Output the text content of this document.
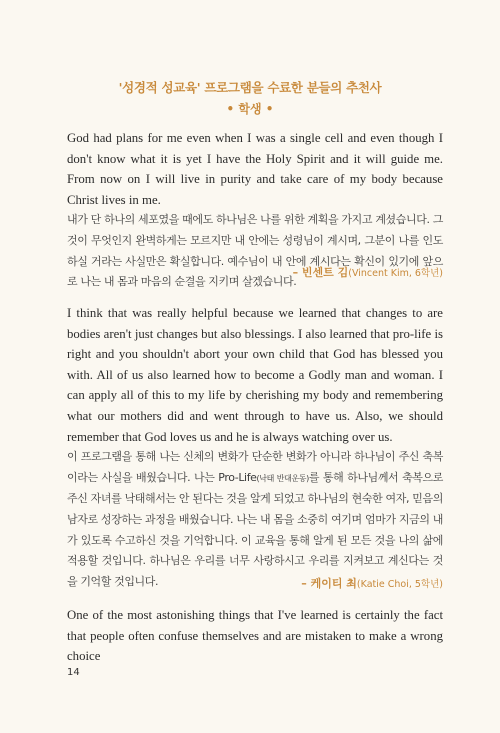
'성경적 성교육' 프로그램을 수료한 분들의 추천사
• 학생 •

God had plans for me even when I was a single cell and even though I don't know what it is yet I have the Holy Spirit and it will guide me. From now on I will live in purity and take care of my body because Christ lives in me.

내가 단 하나의 세포였을 때에도 하나님은 나를 위한 계획을 가지고 계셨습니다. 그것이 무엇인지 완벽하게는 모르지만 내 안에는 성령님이 계시며, 그분이 나를 인도하실 거라는 사실만은 확실합니다. 예수님이 내 안에 계시다는 확신이 있기에 앞으로 나는 내 몸과 마음의 순결을 지키며 살겠습니다.

– 빈센트 김(Vincent Kim, 6학년)

I think that was really helpful because we learned that changes to are bodies aren't just changes but also blessings. I also learned that pro-life is right and you shouldn't abort your own child that God has blessed you with. All of us also learned how to become a Godly man and woman. I can apply all of this to my life by cherishing my body and remembering what our mothers did and went through to have us. Also, we should remember that God loves us and he is always watching over us.

이 프로그램을 통해 나는 신체의 변화가 단순한 변화가 아니라 하나님이 주신 축복이라는 사실을 배웠습니다. 나는 Pro-Life(낙태 반대운동)를 통해 하나님께서 축복으로 주신 자녀를 낙태해서는 안 된다는 것을 알게 되었고 하나님의 현숙한 여자, 믿음의 남자로 성장하는 과정을 배웠습니다. 나는 내 몸을 소중히 여기며 엄마가 지금의 내가 있도록 수고하신 것을 기억합니다. 이 교육을 통해 알게 된 모든 것을 나의 삶에 적용할 것입니다. 하나님은 우리를 너무 사랑하시고 우리를 지켜보고 계신다는 것을 기억할 것입니다.	– 케이티 최(Katie Choi, 5학년)

One of the most astonishing things that I've learned is certainly the fact that people often confuse themselves and are mistaken to make a wrong choice

14
